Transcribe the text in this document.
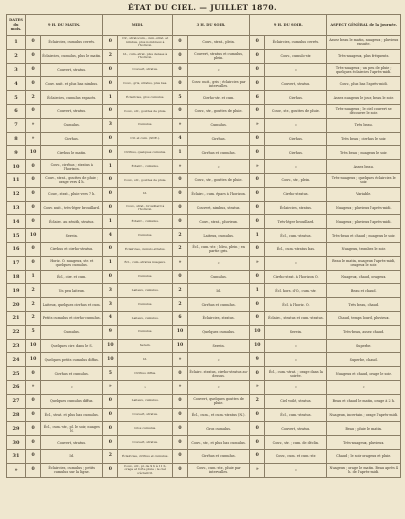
ÉTAT DU CIEL. — JUILLET 1870.
DATES du mois.	9 H. DU MATIN.		MIDI.		3 H. DU SOIR.		9 H. DU SOIR.		ASPECT GÉNÉRAL de la journée.
1	0	Éclaircies, cumulus cerrés.	0	Cir., stratocum., cum.-strat. et nimbus, plus nombreux à l'horizon.	0	Couv., strat., plein.	0	Éclaircies, cumulus cerrés.	Assez beau le matin, nuageux ; pluvieux ensuite.
2	0	Éclaircies, cumulus, plus le matin.	2	Id., cum.-strat. plus denses à l'horizon.	0	Couvert, stratus et cumulus, plein.	0	Couv., cumulo-str.	Très-nuageux, plus fréquents.
3	0	Couvert, stratus.	0	Couvert, stratus.	0	»	0	»	Très-nuageux ; un peu de pluie ; quelques éclaircies l'après-midi.
4	0	Couv. nuit. et plus bas nimbus.	0	Couv., gris, stratus, plus bas.	0	Couv. nuit., gris ; éclaircies par intervalles.	0	Couvert, stratus.	Couv., plus bas l'après-midi.
5	2	Éclaircies, cumulus espacés.	1	Éclaircies, gros cumulus.	5	Cirrho-str. et cum.	6	Cirrhus.	Assez nuageux le jour, beau le soir.
6	0	Couvert, stratus.	0	Couv., str., gouttes de pluie.	0	Couv., str., gouttes de pluie.	0	Couv., str., gouttes de pluie.	Très-nuageux ; le ciel couvert se découvre le soir.
7	»	Cumulus.	3	Cumulus.	»	Cumulus.	»	»	Très beau.
8	»	Cirrhus.	0	Cir. et cum. (SNE.).	4	Cirrhus.	0	Cirrhus.	Très beau ; cirrhus le soir.
9	10	Cirrhus le matin.	0	Cirrhus, quelques cumulus.	1	Cirrhus et cumulus.	0	Cirrhus.	Très beau ; nuageux le soir.
10	0	Couv., cirrhus ; stratus à l'horizon.	1	Éclairc., cumulus.	»	»	»	»	Assez beau.
11	0	Couv., strat., gouttes de pluie ; orage vers 4 h.	0	Couv., str., gouttes de pluie.	0	Couv., str., gouttes de pluie.	0	Couv., str., plein.	Très-nuageux ; quelques éclaircies le soir.
12	0	Couv., strat., pluie vers 7 h.	0	Id.	0	Éclairc., cum. épars à l'horizon.	0	Cirrho-stratus.	Variable.
13	0	Couv. nuit., très-léger brouillard.	0	Couv., strat., brouillard à l'horizon.	0	Couvert, nimbus, stratus.	0	Éclaircies, stratus.	Nuageux ; pluvieux l'après-midi.
14	0	Éclairc. au zénith, stratus.	1	Éclairc., cumulus.	0	Couv., strat., pluvieux.	0	Très-léger brouillard.	Nuageux ; pluvieux l'après-midi.
15	10	Serein.	4	Cumulus.	2	Laiteux, cumulus.	1	Écl., cum.-stratus.	Très-beau et chaud ; nuageux le soir.
16	0	Cirrhus et cirrho-stratus.	0	Éclaircies, cumulo-stratus.	2	Écl., cum.-str. ; bleu, plein ; en partie gris.	0	Écl., cum.-stratus bas.	Nuageux, trombes le soir.
17	0	Horiz. O. nuageux, str. et quelques cumulus.	1	Écl., cum.-stratus nuageux.	»	»	»	»	Beau le matin, nuageux l'après-midi, orageux le soir.
18	1	Écl., cirr. et cum.	0	Cumulus.	0	Cumulus.	0	Cirrho-strat. à l'horizon O.	Nuageux, chaud, orageux.
19	2	Un peu laiteux.	3	Laiteux, cumulus.	2	Id.	1	Écl. hors. d'O., cum.-str.	Beau et chaud.
20	2	Laiteux, quelques cirrhus et cum.	3	Cumulus.	2	Cirrhus et cumulus.	0	Écl. à l'horiz. O.	Très beau, chaud.
21	2	Petits cumulus et cirrho-cumulus.	4	Laiteux, cumulus.	6	Éclaircies, stratus.	0	Éclairc., stratus et cum.-stratus.	Chaud, temps lourd, pluvieux.
22	5	Cumulus.	9	Cumulus.	10	Quelques cumulus.	10	Serein.	Très-beau, assez chaud.
23	10	Quelques cirr. dans le S.	10	Serein.	10	Serein.	10	»	Superbe.
24	10	Quelques petits cumulus diffus.	10	Id.	»	»	9	»	Superbe, chaud.
25	0	Cirrhus et cumulus.	5	Cirrhus diffus.	0	Éclairc. stratus, cirrho-stratus au-dessus.	0	Écl., cum.-strat. ; orage dans la soirée.	Nuageux et chaud, orage le soir.
26	»	»	»	»	»	»	»	»	»
27	0	Quelques cumulus diffus.	0	Laiteux, cumulus.	0	Couvert, quelques gouttes de pluie.	2	Ciel voilé, stratus.	Beau et chaud le matin, orage à 2 h.
28	0	Écl., strat. et plus bas cumulus.	0	Couvert, stratus.	0	Écl., cum., et cum.-stratus (N.).	0	Écl., cum.-stratus.	Nuageux, incertain ; orage l'après-midi.
29	0	Écl., cum.-str., pl. le soir, nuages N.	0	Gros cumulus.	0	Gros cumulus.	0	Couvert, stratus.	Beau ; pluie le matin.
30	0	Couvert, stratus.	0	Couvert, stratus.	0	Couv., str., et plus bas cumulus.	0	Couv., str. ; cum. de déclin.	Très-nuageux, pluvieux.
31	0	Id.	2	Éclaircies, cirrhus et cumulus.	0	Cirrhus et cumulus.	0	Couv., cum. et cum.-str.	Chaud ; le soir orageux et pluie.
»	0	Éclaircies, cumulus ; petits cumulus sur la ligne.	0	Couv., str., pl. de 9 h à 11 h, orage et forte pluie ; le ciel s'éclaircit.	0	Couv., cum.-str., pluie par intervalles.	»	»	Nuageux ; orage le matin. Beau après 4 h. de l'après-midi.
